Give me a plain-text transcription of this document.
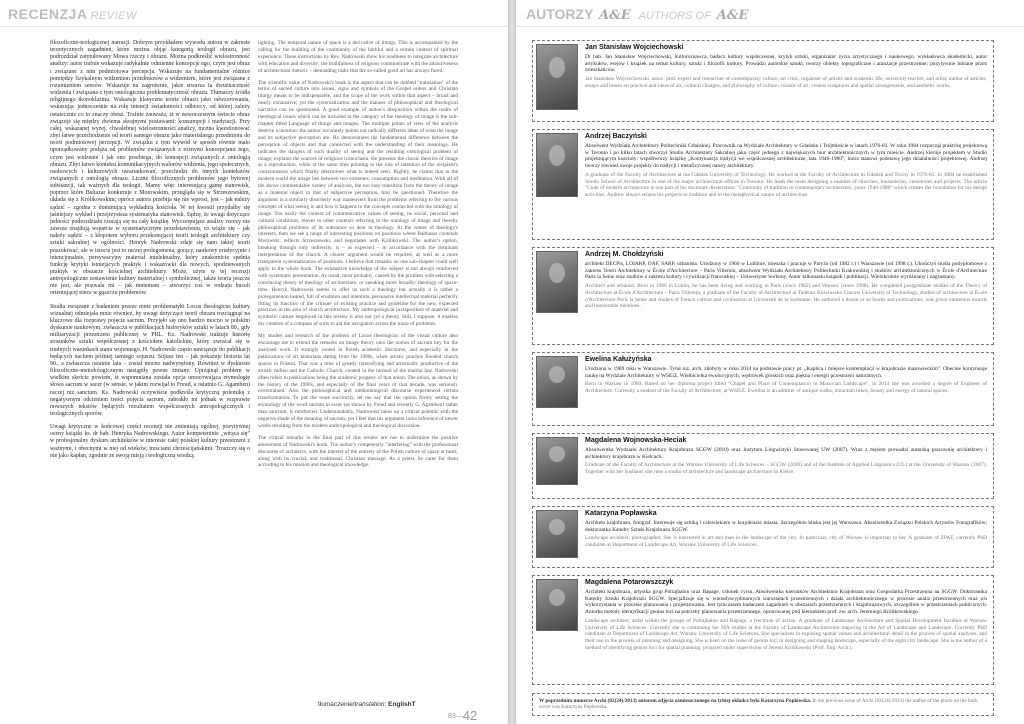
RECENZJA REVIEW

filozoficzno-teologicznej narracji. Dobrym przykładem wywodu autora w zakresie teoretycznych zagadnień, które można objąć kategorią teologii obrazu, jest podrozdział zatytułowany Mowa rzeczy i obrazu. Można podkreślić wielostronność analizy: autor trafnie wskazuje radykalnie odmienne koncepcje ego, czym jest obraz i związane z nim podmiotowa percepcja. Wskazuje na fundamentalne różnice pomiędzy fizykalnym widzeniem przedmiotów a widzeniem, które jest związane z rozumieniem sensów. Wskazuje na zagrożenie, jakie stwarza ta dwuznaczność widzenia i związana z tym ontologiczna problematyczność obrazu. Tłumaczy źródła religijnego ikonoklazmu. Wskazuje klasyczne teorie obrazu jako odwzorowania, wskazując jednocześnie na rolę intencji świadomości odbiorcy, od której zależy ostatecznie co to znaczy obraz. Trafnie zauważa, iż w nowoczesnym świecie obraz związuje się między dwiema skrajnymi postawami: konsumpcji i medytacji. Przy całej, wskazanej wyżej, chwalebnej wielostronności analizy, można kwestionować zbyt łatwe przechodzenie od teorii samego obrazu jako materialnego przedmiotu do teorii podmiotowej percepcji. W związku z tym wywód w sposób równie mało uporządkowany podąża od problemów związanych z różnymi koncepcjami tego, czym jest widzenie i jak ono przebiega, do koncepcji związanych z ontologią obrazu. Zbyt łatwo kontekst komunikacyjnych walorów widzenia, jego społecznych, osobowych i kulturowych uwarunkowań, przechodzi do innych kontekstów związanych z ontologią obrazu. Liczne filozoficznych problemów jego bytowej substancji, tak ważnych dla teologii. Mamy więc interesującą gamę stanowisk, poprzez które Baltazar konkuruje z Morowskim, przegląda się w Strzeszewskim, układa się z Królikowskim; oprócz autora przebija się nie wprost, jest – jak należy sądzić – zgodna z dominującą wykładnią kościoła. W tej kwestii przydałby się jaśniejszy wykład i przejrzystsza systematyka stanowisk. Sądzę, że uwagi dotyczące jedności podrozdziału rzucają się na cały książkę. Wyczerpujące analizy rzeczy nie zawsze znajdują wsparcie w systematycznym przedstawieniu, co wiąże się – jak należy sądzić – z kłopotem wyboru przekonującej teorii teologii architektury czy sztuki sakralnej w ogólności. Henryk Nadrowski zdaje się nam takiej teorii poszukiwać, ale w istocie jest to raczej prolegomena, gorący, naukowy erudycyjnie i intencjonalnie, persywacyjny materiał intelektualny, który znakomicie spełnia funkcję krytyki istniejących praktyk i wskazówki dla nowych, spodziewanych praktyk w obszarze kościelnej architektury. Może, użyte w tej recenzji antropologiczne zestawienie kultury materialnej i symbolicznej, także teoria jeszcze nie jest, ale pozwala mi – jak mniemam – stworzyć coś w rodzaju busoli orientującej niece w gąszczu problemów.

Studia związane z badaniem przeze mnie problematyki Locus theologicus kultury wizualnej odmiejała mnie również, by uwagi dotyczące teorii obrazu rozciągnąć na kluczowe dla rozprawy pojęcie sacrum. Przyjęło się ono bardzo mocno w polskim dyskursie naukowym, zwłaszcza w publikacjach historyków sztuki w latach 80., gdy militaryzacji przestrzeni publicznej w PRL. Ks. Nadrowski traktuje historię stosunków sztuki współczesnej z kościołem katolickim, który zwracał się w trudnych warunkach stanu wojennego. H. Nadrowski często nawiązuje do publikacji będących nachem później tamtego sojuszu. Sojusz ten – jak pokazuje historia lat 90., a zwłaszcza ostatnie lata – został mocno nadwyrężony. Również w dyskursie filozoficzno-metodologicznym nastąpiły pewne zmiany. Uprzątnął problem w wielkim skrócie powiem, iż wspomniana została opcja umocowująca etymologię słowa sacrum w sacer (w sensie, w jakim rozwijał to Freud, a ostatnio G. Agamben) raczej niż sanctum. Ks. Nadrowski oczywiście podkreśla krytyczną polemikę z negatywnym odcieniem treści pojęcia sacrum, zabrakło mi jednak w rozprawie nowszych tekstów będących rezultatem współczesnych antropologicznych i teologicznych sporów.

Uwagi krytyczne w końcowej części recenzji nie zmieniają ogólnej, pozytywnej oceny książki ks. dr hab. Henryka Nadrowskiego. Autor kompetentnie „wtrąca się” w profesjonalny dyskurs architektów w interesie całej polskiej kultury przestrzeni z ważnymi, i obecnymi w niej od wieków, treściami chrześcijańskimi. Troszczy się o nie jako kapłan, zgodnie ze swoją misją i teologiczną wiedzą.

lighting. The temporal nature of space is a derivative of liturgy. This is accompanied by the calling for the building of the community of the faithful and a certain context of spiritual experience. These instructions by Rev. Nadrowski show his readiness to integrate architecture with education and diversity: the truthfulness of religious communicate with the attractiveness of architectural rhetoric – demanding tasks that the so-called good art has always faced.

The scientific value of Nadrowski's book is the aspect that can be dubbed "translation" of the terms of sacred culture into issues, signs and symbols of the Gospel orders and Christian liturgy meant to be indispensable, and the scope of the work within that aspect – broad and nearly exhaustive; yet the systematization and the manner of philosophical and theological narrative can be questioned. A good example of author's disquisition within the realm of theological issues which can be included in the category of the theology of image is the sub-chapter titled Language of things and images. The multiple points of view of the analysis deserve a mention: the author accurately points out radically different ideas of what the image and its subjective perception are. He demonstrates the fundamental difference between the perception of objects and that connected with the understanding of their meanings. He indicates the dangers of such duality of seeing and the resulting ontological problem of image; explains the sources of religious iconoclasm. He presents the classic theories of image as a reproduction, while at the same time pointing to the role of intention of the recipient's consciousness which finally determines what is indeed seen. Rightly, he claims that in the modern world the image lies between two extremes: consumption and meditation. With all of the above commendable variety of analyses, the too easy transition from the theory of image as a material object to that of subjective perception, may be questioned. Therefore the argument in a similarly disorderly way maneuvers from the problems referring to the various concepts of what seeing is and how it happens to the concepts connected with the ontology of image. Too easily the context of communicative values of seeing, its social, personal and cultural conditions, moves to other contexts referring to the ontology of image and thereby philosophical problems of its substance so dear to theology. At the centre of theology's interests, then we see a range of interesting positions on positions where Balthasar contends Morawski, reflects Strzeszewski, and negotiates with Królikowski. The author's option, breaking through only indirectly, is – as expected – in accordance with the dominant interpretation of the church. A clearer argument would be required, as well as a more transparent systematization of positions. I believe that remarks on one sub-chapter could well apply to the whole book. The exhaustive knowledge of the subject is not always reinforced with systematic presentation. As usual, most probably, caused by the problem with selecting a convincing theory of theology of architecture, or speaking more broadly: theology of space-time. Henryk Nadrowski seems to offer us such a theology but actually it is rather a prolegomenon heated, full of erudition and intention, persuasive intellectual material perfectly fitting its function of the critique of existing practice and guideline for the new, expected practices in the area of church architecture. My anthropological juxtaposition of material and symbolic culture employed in this review is also not yet a theory. Still, I suppose, it enables my creation of a compass of sorts to aid the navigation across the maze of problems.

My studies and research of the problem of Locus theologicus of the visual culture also encourage me to extend the remarks on image theory onto the notion of sacrum key for the analysed work. It strongly rooted in Polish academic discourse, and especially in the publications of art historians dating from the 1980s, when artistic practice flooded church spaces in Poland. That was a time of greatly intensifying and artistically productive of the artistic milieu and the Catholic Church, created in the turmoil of the martial law. Nadrowski often refers to publications being the academic progeny of that union. The union, as shown by the history of the 1990s, and especially of the final years of that decade, was seriously overstrained. Also the philosophical and methodological discourse experienced certain transformation. To put the issue succinctly, let me say that the option firmly setting the etymology of the word sacrum in sacer (as shown by Freud and recently G. Agamben) rather than sanctum, is reinforced. Understandably, Nadrowski takes up a critical polemic with the negative shade of the meaning of sacrum, yet I feel that his argument lacks reference of newer works resulting from the modern anthropological and theological discussion.

The critical remarks in the final part of this review are not to undermine the positive assessment of Nadrowski's book. The author's competently "interfering" with the professional discourse of architects, with the interest of the entirety of the Polish culture of space at heart, along with its crucial, and traditional, Christian message. As a priest, he cares for them according to his mission and theological knowledge.

tłumaczenie/translation: EnglishT
83—42
AUTORZY A&E AUTHORS OF A&E
Jan Stanisław Wojciechowski
Dr hab. Jan Stanisław Wojciechowski, kulturoznawca, badacz kultury współczesnej, krytyk sztuki, organizator życia artystycznego i naukowego, wykładowca akademicki, autor artykułów, esejów i książek na temat kultury, sztuki i filozofii kultury. Prowadzi autorskie sztuki, tworzy obiekty topograficzne i aranżacje przestrzenne; pozytywnie lubiane przez mieszkańców.
Jan Stanisław Wojciechowski, assoc. prof. expert and researcher of contemporary culture, art critic, organiser of artistic and academic life, university teacher, and artist; author of articles, essays and books on practice and ideas of art, cultural changes, and philosophy of culture; curator of art, creates sculptures and spatial arrangements, and aesthetic works.
Andrzej Baczyński
Absolwent Wydziału Architektury Politechniki Gdańskiej. Pracownik na Wydziale Architektury w Gdańsku i Trójmieście w latach 1976-83. W roku 1984 rozpoczął praktykę projektową w Toronto i po kilku latach stworzył Studio Architektury Sakralnej jako część jednego z największych biur architektonicznych w tym mieście. Andrzej kieruje projektem w Studio projektującym kościoły: współtworzy książkę „Kontynuacja tradycji we współczesnej architekturze, lata 1940-1980”, która stanowi podstawę jego działalności projektowej. Andrzej tworzy również swoje projekty do tradycji i metafizycznej natury architektury.
A graduate of the Faculty of Architecture at the Gdańsk University of Technology. He worked at the Faculty of Architecture in Gdańsk and Tricity in 1976-83. In 1984 he established Studio School of Architecture in one of the major architectural offices in Toronto. He leads the team designing a number of churches, monasteries, cemeteries and projects. The article "Code of modern architecture is one part of his doctorate dissertation: "Continuity of tradition in contemporary architecture, years 1940-1980" which creates the foundation for his design activities. Andrew always relates his projects to tradition and to the metaphysical nature of architecture.
Andrzej M. Chołdzyński
architekt DECPis, LOIARP, OAF, SARP, urbanista. Urodzony w 1960 w Lublinie, mieszka i pracuje w Paryżu (od 1982 r.) i Warszawie (od 1998 r.). Ukończył studia podyplomowe z zakresu Teorii Architektury w École d'Architecture – Paris Villemin, absolwent Wydziału Architektury Politechniki Krakowskiej i studiów architektonicznych w École d'Architecture Paris la Seine oraz studiów z zakresu kultury i cywilizacji francuskiej – Uniwersytet Sorbony. Autor kilkunastu książek i publikacji. Wielokrotnie wyróżniany i nagradzany.
Architect and urbanist. Born in 1960 in Lublin, he has been living and working in Paris (since 1982) and Warsaw (since 1998). He completed postgraduate studies of the Theory of Architecture at École d'Architecture – Paris Villemin, a graduate of the Faculty of Architecture at Tadeusz Kościuszko Cracow University of Technology, studies of architecture at École d'Architecture Paris la Seine and studies of French culture and civilisation at Université de la Sorbonne. He authored a dozen or so books and publications, was given numerous awards and honourable mentions.
Ewelina Kałużyńska
Urodzona w 1989 roku w Warszawie. Tytuł inż. arch. zdobyty w roku 2014 na podstawie pracy pt. „Kaplica i miejsce kontemplacji w krajobrazie mazowieckim”. Obecnie kontynuuje naukę na Wydziale Architektury w WSEiZ. Wielbicielka ewolucyjnych, wędrówek górskich oraz piękna i energii przestrzeni naturalnych.
Born in Warsaw in 1989. Based on her diploma project titled "Chapel and Place of Contemplation in Masovian Landscape", in 2014 she was awarded a degree of Engineer of Architecture. Currently a student of the Faculty of Architecture, at WSEiZ. Ewelina is an admirer of antique walks, mountain hikes, beauty and energy of natural spaces.
Magdalena Wojnowska-Heciak
Absolwentka Wydziału Architektury Krajobrazu SGGW (2010) oraz Instytutu Lingwistyki Stosowanej UW (2007). Wraz z mężem prowadzi autorską pracownię architektury i architektury krajobrazu w Kielcach.
Graduate of the Faculty of Architecture at the Warsaw University of Life Sciences – SGGW (2010) and of the Institute of Applied Linguistics (UL) at the University of Warsaw (2007). Together with her husband, she runs a studio of architecture and landscape architecture in Kielce.
Katarzyna Popławska
Architekt krajobrazu, fotograf. Interesuje się sztuką i człowiekiem w krajobrazie miasta. Szczególnie bliska jest jej Warszawa. Absolwentka Związku Polskich Artystów Fotografików; doktorantka Katedry Sztuki Krajobrazu SGGW.
Landscape architect, photographer. She is interested in art and man in the landscape of the city. In particular, city of Warsaw is important to her. A graduate of ZPAF, currently PhD candidate at Department of Landscape Art, Warsaw University of Life Sciences.
Magdalena Potarowszczyk
Architekt krajobrazu, artystka grup Potrajbalon oraz Bapage, członek cyrsu. Absolwentka kierunków Architektura Krajobrazu oraz Gospodarka Przestrzenna na SGGW. Doktorantka Katedry Sztuki Krajobrazu SGGW. Specjalizuje się w wielodyscyplinarnych warsztatach przestrzennych i działa architektonicznego w procesie analiz przestrzennych oraz ich wykorzystania w procesie planowania i projektowania. Jest tymczasem badaczem zagadnień w obszarach przestrzennych i krajobrazowych, szczególnie w przestrzeniach publicznych. Autorka metody identyfikacji genius loci na potrzeby planowania przestrzennego, opracowanej pod kierunkiem prof. zw. arch. Jeremiego Królikowskiego.
Landscape architect, artist within the groups of Potrajbalon and Bapage, a (rec)man of action. A graduate of Landscape Architecture and Spatial Development faculties at Warsaw University of Life Sciences. Currently she is continuing her MA studies at the Faculty of Landscape Architecture majoring in the Art of Landscape and Landscape. Currently PhD candidate at Department of Landscape Art, Warsaw University of Life Sciences. She specializes in exposing spatial values and architectural detail in the process of spatial analyses, and their use in the process of planning and designing. She is keen on the issue of genius loci in designing and shaping landscape, especially of the eight city landscape. She is the author of a method of identifying genius loci for spatial planning, prepared under supervision of Jeremi Królikowski (Prof. Eng. Arch.).
W poprzednim numerze Archi (02(24)/2013) autorem zdjęcia zamieszczonego na tylnej okładce była Katarzyna Popławska. In the previous issue of Archi (02(24)/2013) the author of the photo on the back cover was Katarzyna Popławska.
